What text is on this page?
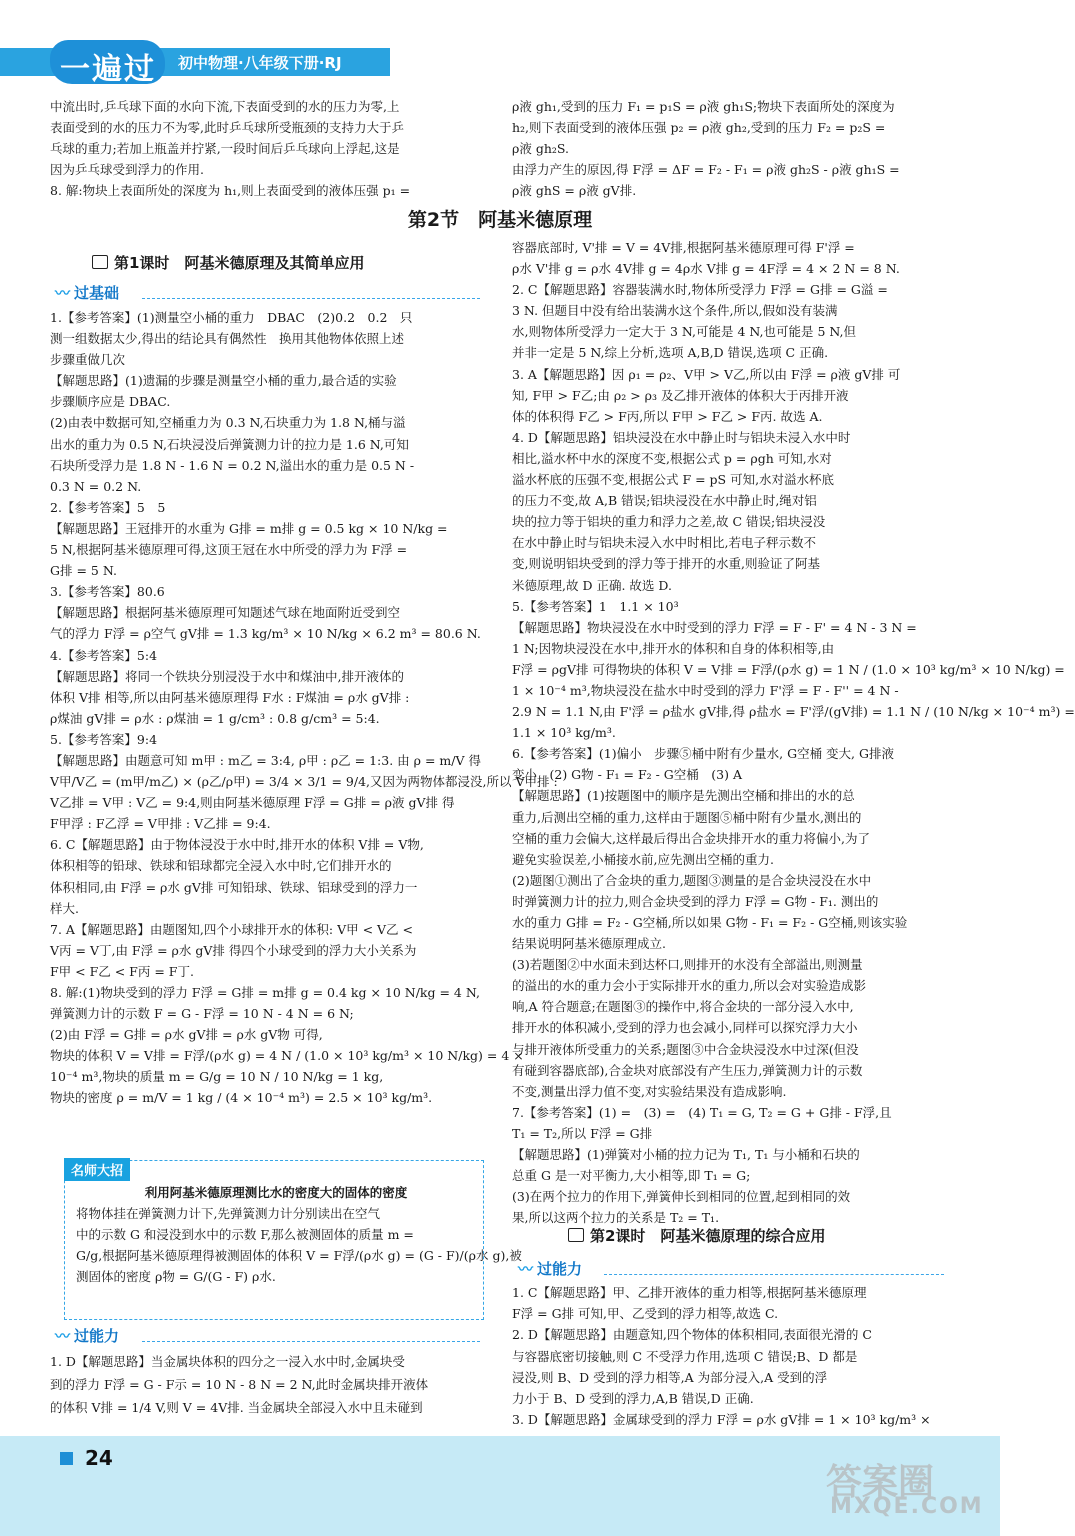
一遍过 初中物理·八年级下册·RJ

中流出时,乒乓球下面的水向下流,下表面受到的水的压力为零,上

表面受到的水的压力不为零,此时乒乓球所受瓶颈的支持力大于乒

乓球的重力;若加上瓶盖并拧紧,一段时间后乒乓球向上浮起,这是

因为乒乓球受到浮力的作用.

8. 解:物块上表面所处的深度为 h₁,则上表面受到的液体压强 p₁ =

ρ液 gh₁,受到的压力 F₁ = p₁S = ρ液 gh₁S;物块下表面所处的深度为

h₂,则下表面受到的液体压强 p₂ = ρ液 gh₂,受到的压力 F₂ = p₂S =

ρ液 gh₂S.

由浮力产生的原因,得 F浮 = ΔF = F₂ - F₁ = ρ液 gh₂S - ρ液 gh₁S =

ρ液 ghS = ρ液 gV排.

第2节　阿基米德原理
第1课时　阿基米德原理及其简单应用
〰 过基础

1.【参考答案】(1)测量空小桶的重力　DBAC　(2)0.2　0.2　只

测一组数据太少,得出的结论具有偶然性　换用其他物体依照上述

步骤重做几次

【解题思路】(1)遗漏的步骤是测量空小桶的重力,最合适的实验

步骤顺序应是 DBAC.

(2)由表中数据可知,空桶重力为 0.3 N,石块重力为 1.8 N,桶与溢

出水的重力为 0.5 N,石块浸没后弹簧测力计的拉力是 1.6 N,可知

石块所受浮力是 1.8 N - 1.6 N = 0.2 N,溢出水的重力是 0.5 N -

0.3 N = 0.2 N.

2.【参考答案】5　5

【解题思路】王冠排开的水重为 G排 = m排 g = 0.5 kg × 10 N/kg =

5 N,根据阿基米德原理可得,这顶王冠在水中所受的浮力为 F浮 =

G排 = 5 N.

3.【参考答案】80.6

【解题思路】根据阿基米德原理可知题述气球在地面附近受到空

气的浮力 F浮 = ρ空气 gV排 = 1.3 kg/m³ × 10 N/kg × 6.2 m³ = 80.6 N.

4.【参考答案】5:4

【解题思路】将同一个铁块分别浸没于水中和煤油中,排开液体的

体积 V排 相等,所以由阿基米德原理得 F水 : F煤油 = ρ水 gV排 :

ρ煤油 gV排 = ρ水 : ρ煤油 = 1 g/cm³ : 0.8 g/cm³ = 5:4.

5.【参考答案】9:4

【解题思路】由题意可知 m甲 : m乙 = 3:4, ρ甲 : ρ乙 = 1:3. 由 ρ = m/V 得

V甲/V乙 = (m甲/m乙) × (ρ乙/ρ甲) = 3/4 × 3/1 = 9/4,又因为两物体都浸没,所以 V甲排 :

V乙排 = V甲 : V乙 = 9:4,则由阿基米德原理 F浮 = G排 = ρ液 gV排 得

F甲浮 : F乙浮 = V甲排 : V乙排 = 9:4.

6. C【解题思路】由于物体浸没于水中时,排开水的体积 V排 = V物,

体积相等的铅球、铁球和铝球都完全浸入水中时,它们排开水的

体积相同,由 F浮 = ρ水 gV排 可知铅球、铁球、铝球受到的浮力一

样大.

7. A【解题思路】由题图知,四个小球排开水的体积: V甲 < V乙 <

V丙 = V丁,由 F浮 = ρ水 gV排 得四个小球受到的浮力大小关系为

F甲 < F乙 < F丙 = F丁.

8. 解:(1)物块受到的浮力 F浮 = G排 = m排 g = 0.4 kg × 10 N/kg = 4 N,

弹簧测力计的示数 F = G - F浮 = 10 N - 4 N = 6 N;

(2)由 F浮 = G排 = ρ水 gV排 = ρ水 gV物 可得,

物块的体积 V = V排 = F浮/(ρ水 g) = 4 N / (1.0 × 10³ kg/m³ × 10 N/kg) = 4 ×

10⁻⁴ m³,物块的质量 m = G/g = 10 N / 10 N/kg = 1 kg,

物块的密度 ρ = m/V = 1 kg / (4 × 10⁻⁴ m³) = 2.5 × 10³ kg/m³.

名师大招

利用阿基米德原理测比水的密度大的固体的密度

将物体挂在弹簧测力计下,先弹簧测力计分别读出在空气

中的示数 G 和浸没到水中的示数 F,那么被测固体的质量 m =

G/g,根据阿基米德原理得被测固体的体积 V = F浮/(ρ水 g) = (G - F)/(ρ水 g),被

测固体的密度 ρ物 = G/(G - F) ρ水.

〰 过能力

1. D【解题思路】当金属块体积的四分之一浸入水中时,金属块受

到的浮力 F浮 = G - F示 = 10 N - 8 N = 2 N,此时金属块排开液体

的体积 V排 = 1/4 V,则 V = 4V排. 当金属块全部浸入水中且未碰到

容器底部时, V'排 = V = 4V排,根据阿基米德原理可得 F'浮 =

ρ水 V'排 g = ρ水 4V排 g = 4ρ水 V排 g = 4F浮 = 4 × 2 N = 8 N.

2. C【解题思路】容器装满水时,物体所受浮力 F浮 = G排 = G溢 =

3 N. 但题目中没有给出装满水这个条件,所以,假如没有装满

水,则物体所受浮力一定大于 3 N,可能是 4 N,也可能是 5 N,但

并非一定是 5 N,综上分析,选项 A,B,D 错误,选项 C 正确.

3. A【解题思路】因 ρ₁ = ρ₂、V甲 > V乙,所以由 F浮 = ρ液 gV排 可

知, F甲 > F乙;由 ρ₂ > ρ₃ 及乙排开液体的体积大于丙排开液

体的体积得 F乙 > F丙,所以 F甲 > F乙 > F丙. 故选 A.

4. D【解题思路】铝块浸没在水中静止时与铝块未浸入水中时

相比,溢水杯中水的深度不变,根据公式 p = ρgh 可知,水对

溢水杯底的压强不变,根据公式 F = pS 可知,水对溢水杯底

的压力不变,故 A,B 错误;铝块浸没在水中静止时,绳对铝

块的拉力等于铝块的重力和浮力之差,故 C 错误;铝块浸没

在水中静止时与铝块未浸入水中时相比,若电子秤示数不

变,则说明铝块受到的浮力等于排开的水重,则验证了阿基

米德原理,故 D 正确. 故选 D.

5.【参考答案】1　1.1 × 10³

【解题思路】物块浸没在水中时受到的浮力 F浮 = F - F' = 4 N - 3 N =

1 N;因物块浸没在水中,排开水的体积和自身的体积相等,由

F浮 = ρgV排 可得物块的体积 V = V排 = F浮/(ρ水 g) = 1 N / (1.0 × 10³ kg/m³ × 10 N/kg) =

1 × 10⁻⁴ m³,物块浸没在盐水中时受到的浮力 F'浮 = F - F'' = 4 N -

2.9 N = 1.1 N,由 F'浮 = ρ盐水 gV排,得 ρ盐水 = F'浮/(gV排) = 1.1 N / (10 N/kg × 10⁻⁴ m³) =

1.1 × 10³ kg/m³.

6.【参考答案】(1)偏小　步骤⑤桶中附有少量水, G空桶 变大, G排液

变小　(2) G物 - F₁ = F₂ - G空桶　(3) A

【解题思路】(1)按题图中的顺序是先测出空桶和排出的水的总

重力,后测出空桶的重力,这样由于题图⑤桶中附有少量水,测出的

空桶的重力会偏大,这样最后得出合金块排开水的重力将偏小,为了

避免实验误差,小桶接水前,应先测出空桶的重力.

(2)题图①测出了合金块的重力,题图③测量的是合金块浸没在水中

时弹簧测力计的拉力,则合金块受到的浮力 F浮 = G物 - F₁. 测出的

水的重力 G排 = F₂ - G空桶,所以如果 G物 - F₁ = F₂ - G空桶,则该实验

结果说明阿基米德原理成立.

(3)若题图②中水面未到达杯口,则排开的水没有全部溢出,则测量

的溢出的水的重力会小于实际排开水的重力,所以会对实验造成影

响,A 符合题意;在题图③的操作中,将合金块的一部分浸入水中,

排开水的体积减小,受到的浮力也会减小,同样可以探究浮力大小

与排开液体所受重力的关系;题图③中合金块浸没水中过深(但没

有碰到容器底部),合金块对底部没有产生压力,弹簧测力计的示数

不变,测量出浮力值不变,对实验结果没有造成影响.

7.【参考答案】(1) =　(3) =　(4) T₁ = G, T₂ = G + G排 - F浮,且

T₁ = T₂,所以 F浮 = G排

【解题思路】(1)弹簧对小桶的拉力记为 T₁, T₁ 与小桶和石块的

总重 G 是一对平衡力,大小相等,即 T₁ = G;

(3)在两个拉力的作用下,弹簧伸长到相同的位置,起到相同的效

果,所以这两个拉力的关系是 T₂ = T₁.

第2课时　阿基米德原理的综合应用
〰 过能力

1. C【解题思路】甲、乙排开液体的重力相等,根据阿基米德原理

F浮 = G排 可知,甲、乙受到的浮力相等,故选 C.

2. D【解题思路】由题意知,四个物体的体积相同,表面很光滑的 C

与容器底密切接触,则 C 不受浮力作用,选项 C 错误;B、D 都是

浸没,则 B、D 受到的浮力相等,A 为部分浸入,A 受到的浮

力小于 B、D 受到的浮力,A,B 错误,D 正确.

3. D【解题思路】金属球受到的浮力 F浮 = ρ水 gV排 = 1 × 10³ kg/m³ ×

24
答案圈
MXQE.COM
